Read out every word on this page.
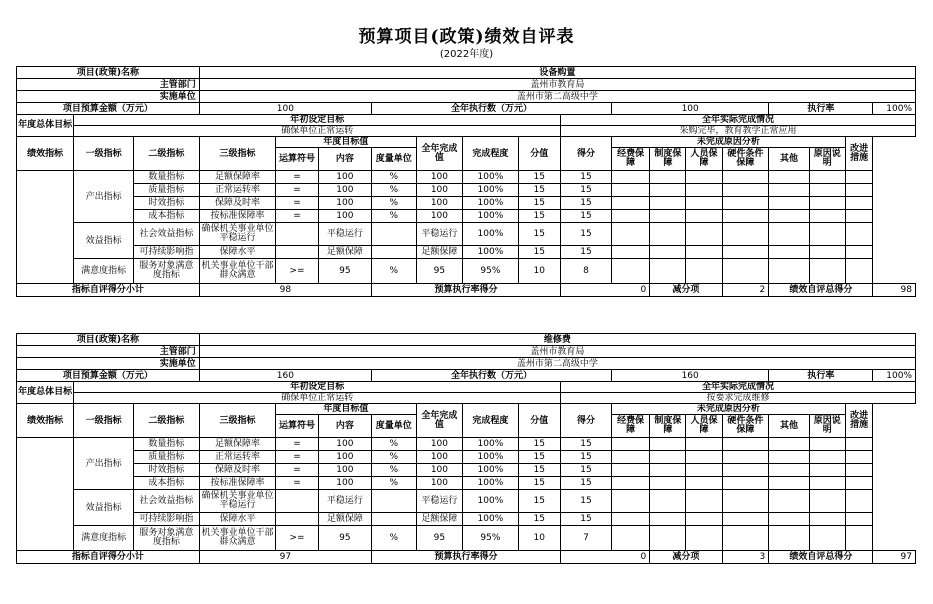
预算项目(政策)绩效自评表
(2022年度)
项目(政策)名称			设备购置															
主管部门			盖州市教育局															
实施单位			盖州市第二高级中学															
项目预算金额（万元）			100			全年执行数（万元）					100				执行率			100%
年度总体目标	年初设定目标									全年实际完成情况								
	确保单位正常运转									采购完毕，教育教学正常应用								
绩效指标	一级指标	二级指标	三级指标	年度目标值			全年完成值	完成程度	分值	得分	未完成原因分析						改进措施	
				运算符号	内容	度量单位					经费保障	制度保障	人员保障	硬件条件保障	其他	原因说明		
	产出指标	数量指标	足额保障率	=	100	%	100	100%	15	15								
		质量指标	正常运转率	=	100	%	100	100%	15	15								
		时效指标	保障及时率	=	100	%	100	100%	15	15								
		成本指标	按标准保障率	=	100	%	100	100%	15	15								
	效益指标	社会效益指标	确保机关事业单位平稳运行		平稳运行		平稳运行	100%	15	15								
		可持续影响指	保障水平		足额保障		足额保障	100%	15	15								
	满意度指标	服务对象满意度指标	机关事业单位干部群众满意	>=	95	%	95	95%	10	8								
指标自评得分小计			98			预算执行率得分				0		减分项		2	绩效自评总得分			98
项目(政策)名称			维修费															
主管部门			盖州市教育局															
实施单位			盖州市第二高级中学															
项目预算金额（万元）			160			全年执行数（万元）					160				执行率			100%
年度总体目标	年初设定目标									全年实际完成情况								
	确保单位正常运转									按要求完成维修								
绩效指标	一级指标	二级指标	三级指标	年度目标值			全年完成值	完成程度	分值	得分	未完成原因分析						改进措施	
				运算符号	内容	度量单位					经费保障	制度保障	人员保障	硬件条件保障	其他	原因说明		
	产出指标	数量指标	足额保障率	=	100	%	100	100%	15	15								
		质量指标	正常运转率	=	100	%	100	100%	15	15								
		时效指标	保障及时率	=	100	%	100	100%	15	15								
		成本指标	按标准保障率	=	100	%	100	100%	15	15								
	效益指标	社会效益指标	确保机关事业单位平稳运行		平稳运行		平稳运行	100%	15	15								
		可持续影响指	保障水平		足额保障		足额保障	100%	15	15								
	满意度指标	服务对象满意度指标	机关事业单位干部群众满意	>=	95	%	95	95%	10	7								
指标自评得分小计			97			预算执行率得分				0		减分项		3	绩效自评总得分			97
